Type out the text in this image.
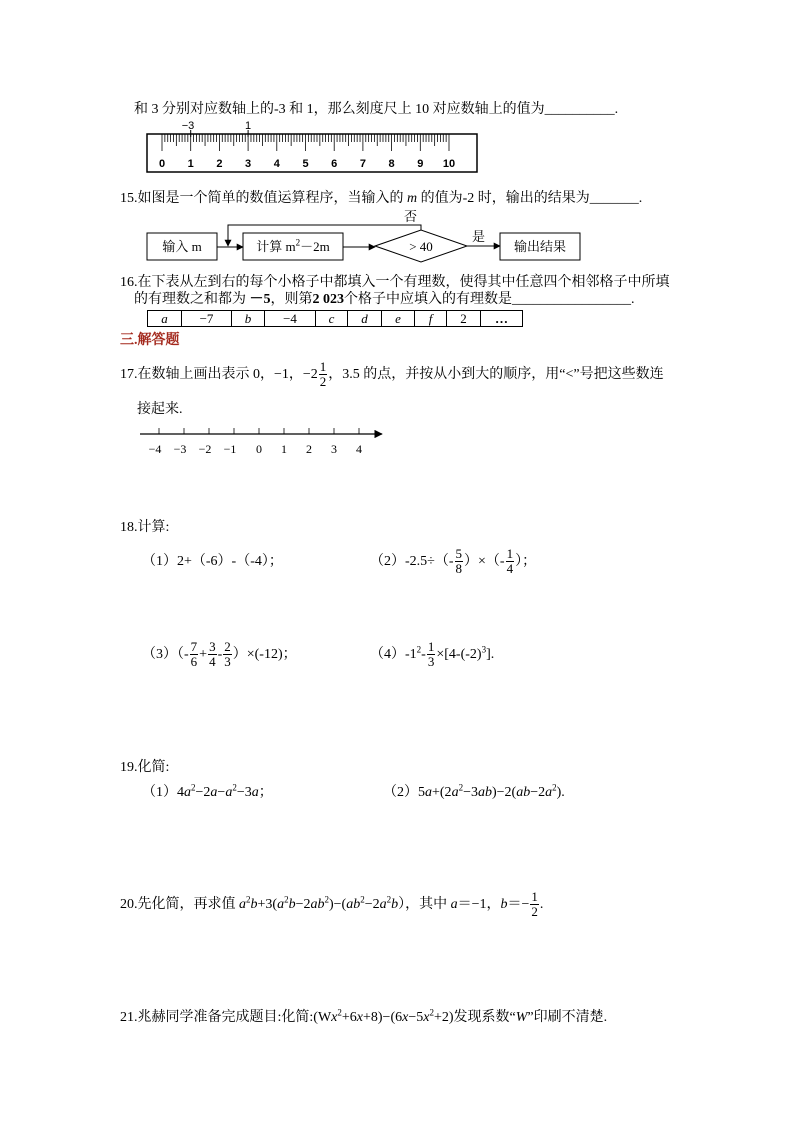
0 1 2 3 4 5 6 7 8 9 10
−3	1
−4 −3 −2 −1 0 1 2 3 4
和 3 分别对应数轴上的-3 和 1，那么刻度尺上 10 对应数轴上的值为__________.
15.如图是一个简单的数值运算程序，当输入的 m 的值为-2 时，输出的结果为_______.
输入 m	计算 $m^2-2m$	> 40	输出结果
否
是
16.在下表从左到右的每个小格子中都填入一个有理数，使得其中任意四个相邻格子中所填
的有理数之和都为 －5，则第2 023个格子中应填入的有理数是_________________.
a	−7	b	−4	c	d	e	f	2	…
三.解答题
17.在数轴上画出表示 0，−1，$-2 \frac{1}{2}$ ，3.5 的点，并按从小到大的顺序，用“<”号把这些数连
接起来.
18.计算:
（1）2+（-6）-（-4）；	$(2)-2.5\div(- \frac{5}{8}$ ）×（- $\frac{1}{4}$ ）；
$(3)(- \frac{7}{6} + \frac{3}{4} - \frac{2}{3} )\times(-12)$；	$(4)-1^2- \frac{1}{3} \times[4-(-2)^3]$.
19.化简:
$(1)4a^2-2a-a^2-3a$；	$(2)5a+(2a^2-3ab)-2(ab-2a^2)$.
20.先化简，再求值 $a^2b+3(a^2b-2ab^2)-(ab^2-2a^2b)$，其中 a＝−1，$b=- \frac{1}{2}$ .
21.兆赫同学准备完成题目:化简$:(Wx^2+6x+8)-(6x-5x^2+2)$发现系数“W”印刷不清楚.
